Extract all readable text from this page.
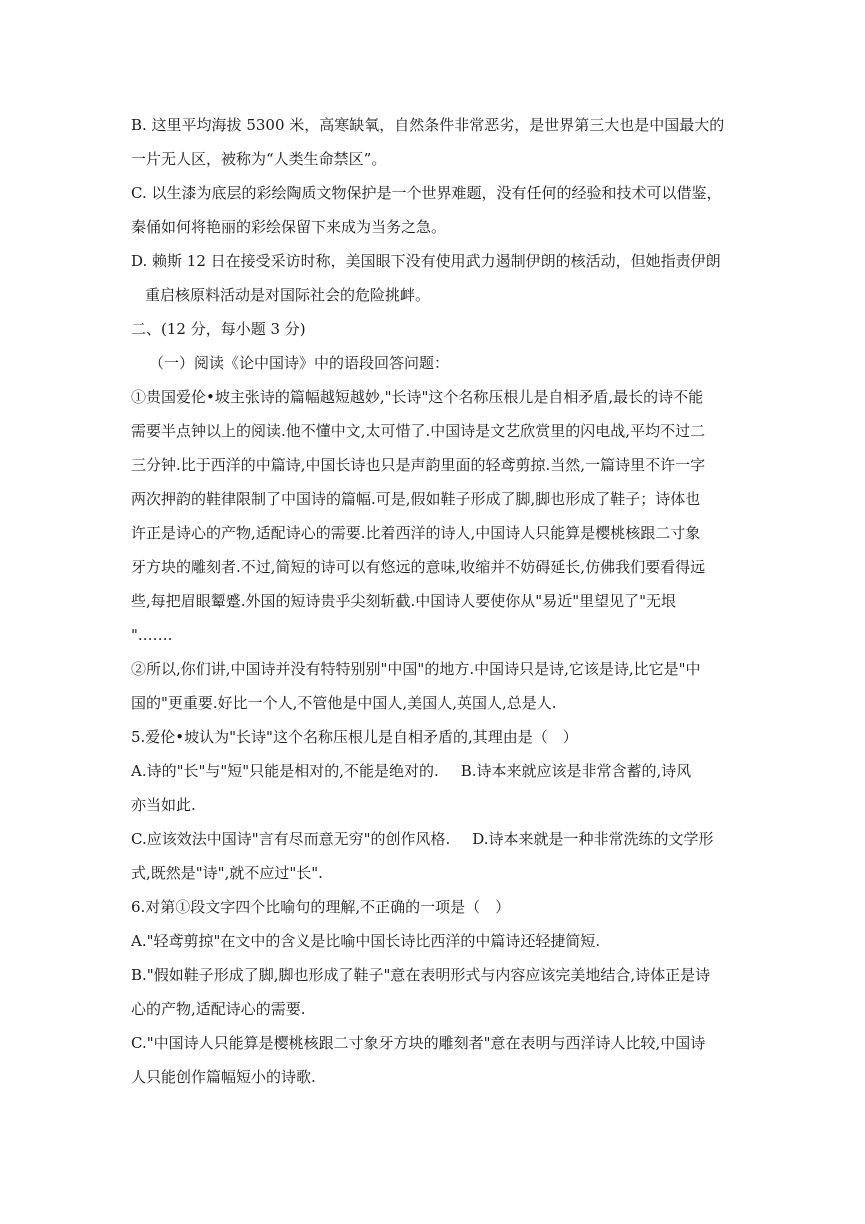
B. 这里平均海拔 5300 米，高寒缺氧，自然条件非常恶劣，是世界第三大也是中国最大的
一片无人区，被称为“人类生命禁区”。
C. 以生漆为底层的彩绘陶质文物保护是一个世界难题，没有任何的经验和技术可以借鉴，
秦俑如何将艳丽的彩绘保留下来成为当务之急。
D. 赖斯 12 日在接受采访时称，美国眼下没有使用武力遏制伊朗的核活动，但她指责伊朗
重启核原料活动是对国际社会的危险挑衅。
二、(12 分，每小题 3 分)
（一）阅读《论中国诗》中的语段回答问题：
①贵国爱伦•坡主张诗的篇幅越短越妙,"长诗"这个名称压根儿是自相矛盾,最长的诗不能
需要半点钟以上的阅读.他不懂中文,太可惜了.中国诗是文艺欣赏里的闪电战,平均不过二
三分钟.比于西洋的中篇诗,中国长诗也只是声韵里面的轻鸢剪掠.当然,一篇诗里不许一字
两次押韵的鞋律限制了中国诗的篇幅.可是,假如鞋子形成了脚,脚也形成了鞋子；诗体也
许正是诗心的产物,适配诗心的需要.比着西洋的诗人,中国诗人只能算是樱桃核跟二寸象
牙方块的雕刻者.不过,简短的诗可以有悠远的意味,收缩并不妨碍延长,仿佛我们要看得远
些,每把眉眼颦蹙.外国的短诗贵乎尖刻斩截.中国诗人要使你从"易近"里望见了"无垠
".……
②所以,你们讲,中国诗并没有特特别别"中国"的地方.中国诗只是诗,它该是诗,比它是"中
国的"更重要.好比一个人,不管他是中国人,美国人,英国人,总是人.
5.爱伦•坡认为"长诗"这个名称压根儿是自相矛盾的,其理由是（　）
A.诗的"长"与"短"只能是相对的,不能是绝对的. B.诗本来就应该是非常含蓄的,诗风
亦当如此.
C.应该效法中国诗"言有尽而意无穷"的创作风格. D.诗本来就是一种非常洗练的文学形
式,既然是"诗",就不应过"长".
6.对第①段文字四个比喻句的理解,不正确的一项是（　）
A."轻鸢剪掠"在文中的含义是比喻中国长诗比西洋的中篇诗还轻捷简短.
B."假如鞋子形成了脚,脚也形成了鞋子"意在表明形式与内容应该完美地结合,诗体正是诗
心的产物,适配诗心的需要.
C."中国诗人只能算是樱桃核跟二寸象牙方块的雕刻者"意在表明与西洋诗人比较,中国诗
人只能创作篇幅短小的诗歌.
